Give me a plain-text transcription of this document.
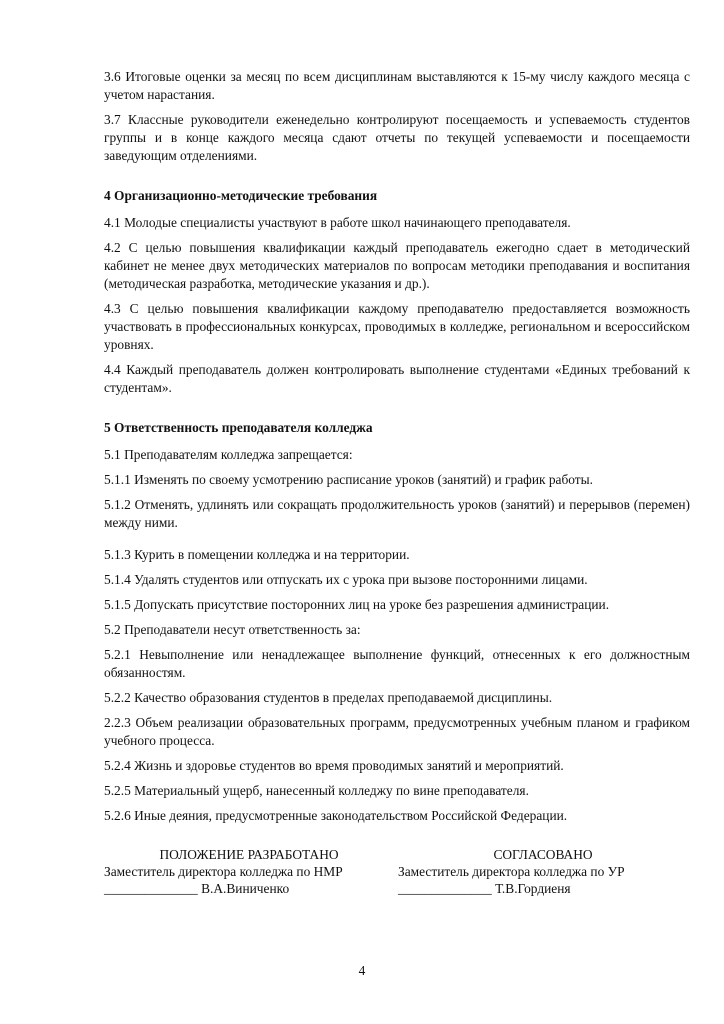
3.6 Итоговые оценки за месяц по всем дисциплинам выставляются к 15-му числу каждого месяца с учетом нарастания.

3.7 Классные руководители еженедельно контролируют посещаемость и успеваемость студентов группы и в конце каждого месяца сдают отчеты по текущей успеваемости и посещаемости заведующим отделениями.

4 Организационно-методические требования

4.1 Молодые специалисты участвуют в работе школ начинающего преподавателя.

4.2 С целью повышения квалификации каждый преподаватель ежегодно сдает в методический кабинет не менее двух методических материалов по вопросам методики преподавания и воспитания (методическая разработка, методические указания и др.).

4.3 С целью повышения квалификации каждому преподавателю предоставляется возможность участвовать в профессиональных конкурсах, проводимых в колледже, региональном и всероссийском уровнях.

4.4 Каждый преподаватель должен контролировать выполнение студентами «Единых требований к студентам».

5 Ответственность преподавателя колледжа

5.1 Преподавателям колледжа запрещается:

5.1.1 Изменять по своему усмотрению расписание уроков (занятий) и график работы.

5.1.2 Отменять, удлинять или сокращать продолжительность уроков (занятий) и перерывов (перемен) между ними.

5.1.3 Курить в помещении колледжа и на территории.

5.1.4 Удалять студентов или отпускать их с урока при вызове посторонними лицами.

5.1.5 Допускать присутствие посторонних лиц на уроке без разрешения администрации.

5.2 Преподаватели несут ответственность за:

5.2.1 Невыполнение или ненадлежащее выполнение функций, отнесенных к его должностным обязанностям.

5.2.2 Качество образования студентов в пределах преподаваемой дисциплины.

2.2.3 Объем реализации образовательных программ, предусмотренных учебным планом и графиком учебного процесса.

5.2.4 Жизнь и здоровье студентов во время проводимых занятий и мероприятий.

5.2.5 Материальный ущерб, нанесенный колледжу по вине преподавателя.

5.2.6 Иные деяния, предусмотренные законодательством Российской Федерации.

ПОЛОЖЕНИЕ РАЗРАБОТАНО
Заместитель директора колледжа по НМР
______________ В.А.Виниченко
СОГЛАСОВАНО
Заместитель директора колледжа по УР
______________ Т.В.Гордиеня
4
